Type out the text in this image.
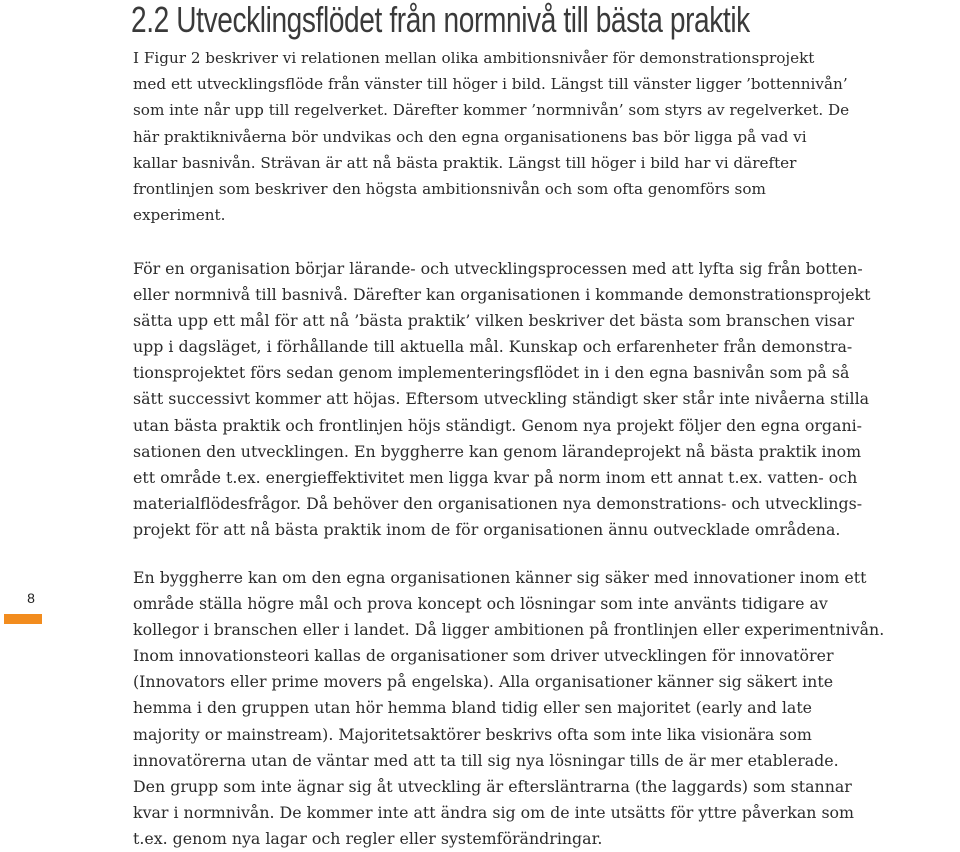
2.2 Utvecklingsflödet från normnivå till bästa praktik
I Figur 2 beskriver vi relationen mellan olika ambitionsnivåer för demonstrationsprojekt
med ett utvecklingsflöde från vänster till höger i bild. Längst till vänster ligger ’bottennivån’
som inte når upp till regelverket. Därefter kommer ’normnivån’ som styrs av regelverket. De
här praktiknivåerna bör undvikas och den egna organisationens bas bör ligga på vad vi
kallar basnivån. Strävan är att nå bästa praktik. Längst till höger i bild har vi därefter
frontlinjen som beskriver den högsta ambitionsnivån och som ofta genomförs som
experiment.
För en organisation börjar lärande- och utvecklingsprocessen med att lyfta sig från botten-
eller normnivå till basnivå. Därefter kan organisationen i kommande demonstrationsprojekt
sätta upp ett mål för att nå ’bästa praktik’ vilken beskriver det bästa som branschen visar
upp i dagsläget, i förhållande till aktuella mål. Kunskap och erfarenheter från demonstra-
tionsprojektet förs sedan genom implementeringsflödet in i den egna basnivån som på så
sätt successivt kommer att höjas. Eftersom utveckling ständigt sker står inte nivåerna stilla
utan bästa praktik och frontlinjen höjs ständigt. Genom nya projekt följer den egna organi-
sationen den utvecklingen. En byggherre kan genom lärandeprojekt nå bästa praktik inom
ett område t.ex. energieffektivitet men ligga kvar på norm inom ett annat t.ex. vatten- och
materialflödesfrågor. Då behöver den organisationen nya demonstrations- och utvecklings-
projekt för att nå bästa praktik inom de för organisationen ännu outvecklade områdena.
8
En byggherre kan om den egna organisationen känner sig säker med innovationer inom ett
område ställa högre mål och prova koncept och lösningar som inte använts tidigare av
kollegor i branschen eller i landet. Då ligger ambitionen på frontlinjen eller experimentnivån.
Inom innovationsteori kallas de organisationer som driver utvecklingen för innovatörer
(Innovators eller prime movers på engelska). Alla organisationer känner sig säkert inte
hemma i den gruppen utan hör hemma bland tidig eller sen majoritet (early and late
majority or mainstream). Majoritetsaktörer beskrivs ofta som inte lika visionära som
innovatörerna utan de väntar med att ta till sig nya lösningar tills de är mer etablerade.
Den grupp som inte ägnar sig åt utveckling är eftersläntrarna (the laggards) som stannar
kvar i normnivån. De kommer inte att ändra sig om de inte utsätts för yttre påverkan som
t.ex. genom nya lagar och regler eller systemförändringar.
